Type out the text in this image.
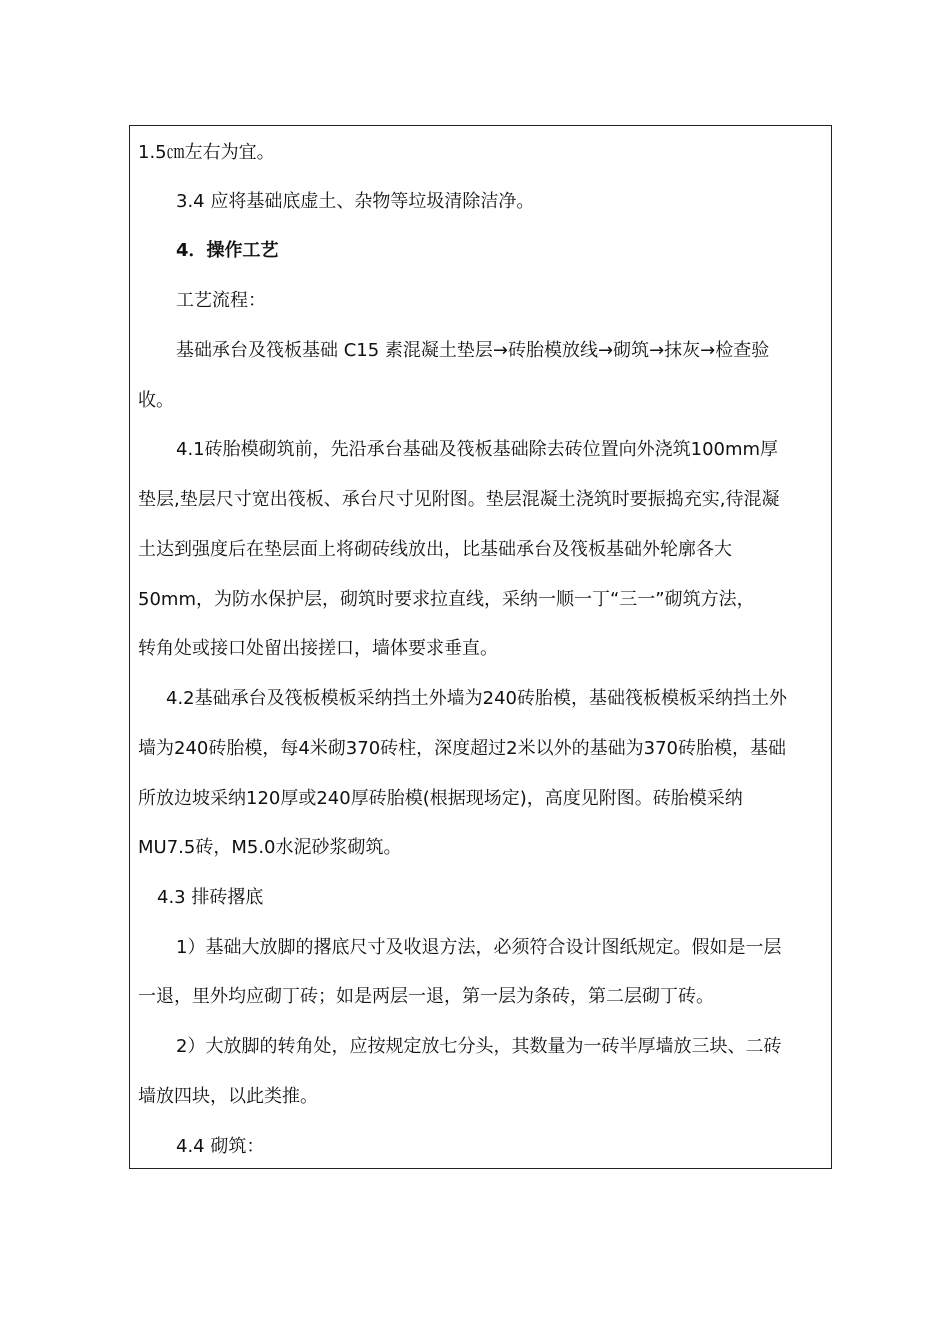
1.5㎝左右为宜。
3.4 应将基础底虚土、杂物等垃圾清除洁净。
4．操作工艺
工艺流程：
基础承台及筏板基础 C15 素混凝土垫层→砖胎模放线→砌筑→抹灰→检查验
收。
4.1砖胎模砌筑前，先沿承台基础及筏板基础除去砖位置向外浇筑100mm厚
垫层,垫层尺寸宽出筏板、承台尺寸见附图。垫层混凝土浇筑时要振捣充实,待混凝
土达到强度后在垫层面上将砌砖线放出，比基础承台及筏板基础外轮廓各大
50mm，为防水保护层，砌筑时要求拉直线，采纳一顺一丁“三一”砌筑方法，
转角处或接口处留出接搓口，墙体要求垂直。
4.2基础承台及筏板模板采纳挡土外墙为240砖胎模，基础筏板模板采纳挡土外
墙为240砖胎模，每4米砌370砖柱，深度超过2米以外的基础为370砖胎模，基础
所放边坡采纳120厚或240厚砖胎模(根据现场定)，高度见附图。砖胎模采纳
MU7.5砖，M5.0水泥砂浆砌筑。
4.3 排砖撂底
1）基础大放脚的撂底尺寸及收退方法，必须符合设计图纸规定。假如是一层
一退，里外均应砌丁砖；如是两层一退，第一层为条砖，第二层砌丁砖。
2）大放脚的转角处，应按规定放七分头，其数量为一砖半厚墙放三块、二砖
墙放四块，以此类推。
4.4 砌筑：
